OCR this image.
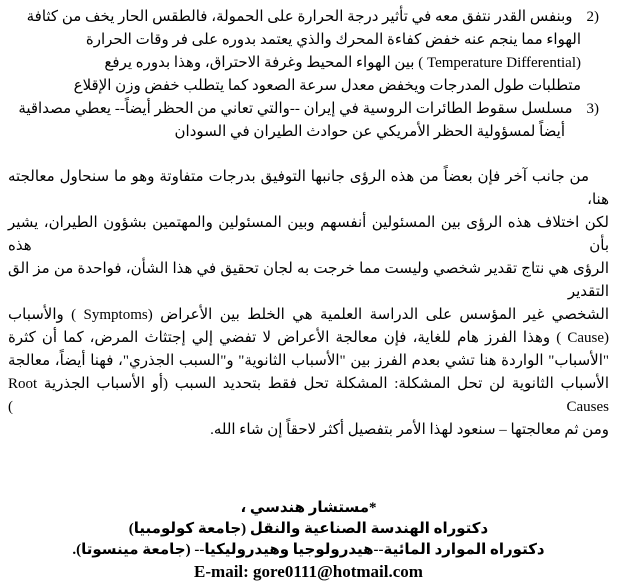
2)وبنفس القدر نتفق معه في تأثير درجة الحرارة على الحمولة، فالطقس الحار يخف من كثافة
الهواء مما ينجم عنه خفض كفاءة المحرك والذي يعتمد بدوره على فر وقات الحرارة
(Temperature Differential ) بين الهواء المحيط وغرفة الاحتراق، وهذا بدوره يرفع
متطلبات طول المدرجات ويخفض معدل سرعة الصعود كما يتطلب خفض وزن الإقلاع
3)مسلسل سقوط الطائرات الروسية في إيران --والتي تعاني من الحظر أيضاً-- يعطي مصداقية
أيضاً لمسؤولية الحظر الأمريكي عن حوادث الطيران في السودان
من جانب آخر فإن بعضاً من هذه الرؤى جانبها التوفيق بدرجات متفاوتة وهو ما سنحاول معالجته هنا،
لكن اختلاف هذه الرؤى بين المسئولين أنفسهم وبين المسئولين والمهتمين بشؤون الطيران، يشير بأن هذه
الرؤى هي نتاج تقدير شخصي وليست مما خرجت به لجان تحقيق في هذا الشأن، فواحدة من مز الق التقدير
الشخصي غير المؤسس على الدراسة العلمية هي الخلط بين الأعراض (Symptoms ) والأسباب
(Cause ) وهذا الفرز هام للغاية، فإن معالجة الأعراض لا تفضي إلي إجتثاث المرض، كما أن كثرة
"الأسباب" الواردة هنا تشي بعدم الفرز بين "الأسباب الثانوية" و"السبب الجذري"، فهنا أيضاً، معالجة
الأسباب الثانوية لن تحل المشكلة: المشكلة تحل فقط بتحديد السبب (أو الأسباب الجذرية Root Causes )
ومن ثم معالجتها – سنعود لهذا الأمر بتفصيل أكثر لاحقاً إن شاء الله.
*مستشار هندسي ،
دكتوراه الهندسة الصناعية والنقل (جامعة كولومبيا)
دكتوراه الموارد المائية--هيدرولوجيا وهيدروليكيا-- (جامعة مينسوتا).
E-mail: gore0111@hotmail.com
